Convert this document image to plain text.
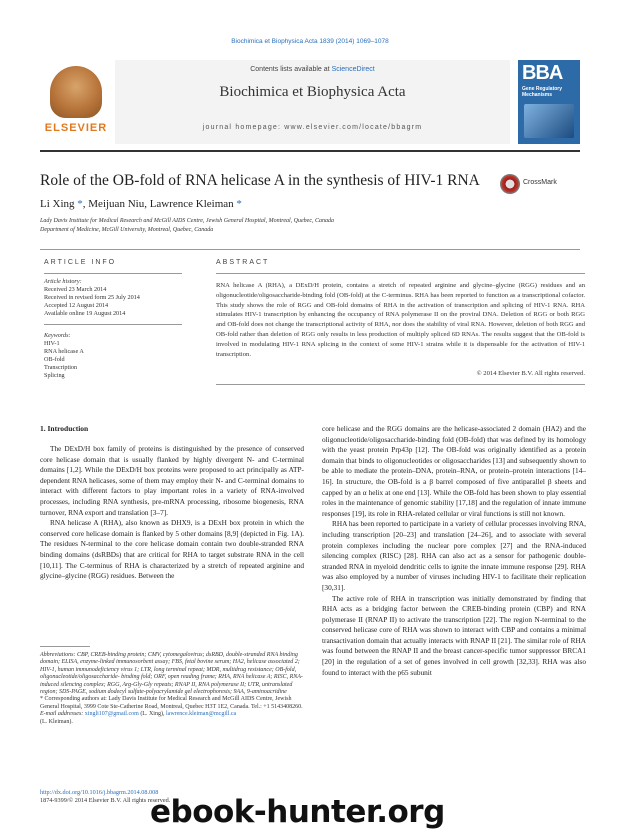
Biochimica et Biophysica Acta 1839 (2014) 1069–1078
ELSEVIER
Contents lists available at ScienceDirect
Biochimica et Biophysica Acta
journal homepage: www.elsevier.com/locate/bbagrm
BBA
Gene Regulatory Mechanisms
Role of the OB-fold of RNA helicase A in the synthesis of HIV-1 RNA	CrossMark
Li Xing *, Meijuan Niu, Lawrence Kleiman *
Lady Davis Institute for Medical Research and McGill AIDS Centre, Jewish General Hospital, Montreal, Quebec, Canada
Department of Medicine, McGill University, Montreal, Quebec, Canada
ARTICLE INFO
Article history:
Received 23 March 2014
Received in revised form 25 July 2014
Accepted 12 August 2014
Available online 19 August 2014
Keywords:
HIV-1
RNA helicase A
OB-fold
Transcription
Splicing
ABSTRACT
RNA helicase A (RHA), a DExD/H protein, contains a stretch of repeated arginine and glycine–glycine (RGG) residues and an oligonucleotide/oligosaccharide-binding fold (OB-fold) at the C-terminus. RHA has been reported to function as a transcriptional cofactor. This study shows the role of RGG and OB-fold domains of RHA in the activation of transcription and splicing of HIV-1 RNA. RHA stimulates HIV-1 transcription by enhancing the occupancy of RNA polymerase II on the proviral DNA. Deletion of RGG or both RGG and OB-fold does not change the transcriptional activity of RHA, nor does the stability of viral RNA. However, deletion of both RGG and OB-fold rather than deletion of RGG only results in less production of multiply spliced 6D RNAs. The results suggest that the OB-fold is involved in modulating HIV-1 RNA splicing in the context of some HIV-1 strains while it is dispensable for the activation of HIV-1 transcription.
© 2014 Elsevier B.V. All rights reserved.
1. Introduction

The DExD/H box family of proteins is distinguished by the presence of conserved core helicase domain that is usually flanked by highly divergent N- and C-terminal domains [1,2]. While the DExD/H box proteins were proposed to act principally as ATP-dependent RNA helicases, some of them may employ their N- and C-terminal domains to interact with different factors to play important roles in a variety of RNA-involved processes, including RNA synthesis, pre-mRNA processing, ribosome biogenesis, RNA turnover, RNA export and translation [3–7].

RNA helicase A (RHA), also known as DHX9, is a DExH box protein in which the conserved core helicase domain is flanked by 5 other domains [8,9] (depicted in Fig. 1A). The residues N-terminal to the core helicase domain contain two double-stranded RNA binding domains (dsRBDs) that are critical for RHA to target substrate RNA in the cell [10,11]. The C-terminus of RHA is characterized by a stretch of repeated arginine and glycine–glycine (RGG) residues. Between the

Abbreviations: CBP, CREB-binding protein; CMV, cytomegalovirus; dsRBD, double-stranded RNA binding domain; ELISA, enzyme-linked immunosorbent assay; FBS, fetal bovine serum; HA2, helicase associated 2; HIV-1, human immunodeficiency virus 1; LTR, long terminal repeat; MDR, multidrug resistance; OB-fold, oligonucleotide/oligosaccharide- binding fold; ORF, open reading frame; RHA, RNA helicase A; RISC, RNA-induced silencing complex; RGG, Arg-Gly-Gly repeats; RNAP II, RNA polymerase II; UTR, untranslated region; SDS-PAGE, sodium dodecyl sulfate-polyacrylamide gel electrophoresis; 9AA, 9-aminoacridine
* Corresponding authors at: Lady Davis Institute for Medical Research and McGill AIDS Centre, Jewish General Hospital, 3999 Cote Ste-Catherine Road, Montreal, Quebec H3T 1E2, Canada. Tel.: +1 5143408260.
E-mail addresses: xingli107@gmail.com (L. Xing), lawrence.kleiman@mcgill.ca
(L. Kleiman).

core helicase and the RGG domains are the helicase-associated 2 domain (HA2) and the oligonucleotide/oligosaccharide-binding fold (OB-fold) that was defined by its homology with the yeast protein Prp43p [12]. The OB-fold was originally identified as a protein domain that binds to oligonucleotides or oligosaccharides [13] and subsequently shown to be able to mediate the protein–DNA, protein–RNA, or protein–protein interactions [14–16]. In structure, the OB-fold is a β barrel composed of five antiparallel β sheets and capped by an α helix at one end [13]. While the OB-fold has been shown to play essential roles in the maintenance of genomic stability [17,18] and the regulation of innate immune responses [19], its role in RHA-related cellular or viral functions is still not known.

RHA has been reported to participate in a variety of cellular processes involving RNA, including transcription [20–23] and translation [24–26], and to associate with several protein complexes including the nuclear pore complex [27] and the RNA-induced silencing complex (RISC) [28]. RHA can also act as a sensor for pathogenic double-stranded RNA in myeloid dendritic cells to ignite the innate immune response [29]. RHA was also employed by a number of viruses including HIV-1 to facilitate their replication [30,31].

The active role of RHA in transcription was initially demonstrated by finding that RHA acts as a bridging factor between the CREB-binding protein (CBP) and RNA polymerase II (RNAP II) to activate the transcription [22]. The region N-terminal to the conserved helicase core of RHA was shown to interact with CBP and contains a minimal transactivation domain that actually interacts with RNAP II [21]. The similar role of RHA was found between the RNAP II and the breast cancer-specific tumor suppressor BRCA1 [20] in the regulation of a set of genes involved in cell growth [32,33]. RHA was also found to interact with the p65 subunit

http://dx.doi.org/10.1016/j.bbagrm.2014.08.008
1874-9399/© 2014 Elsevier B.V. All rights reserved.
ebook-hunter.org
